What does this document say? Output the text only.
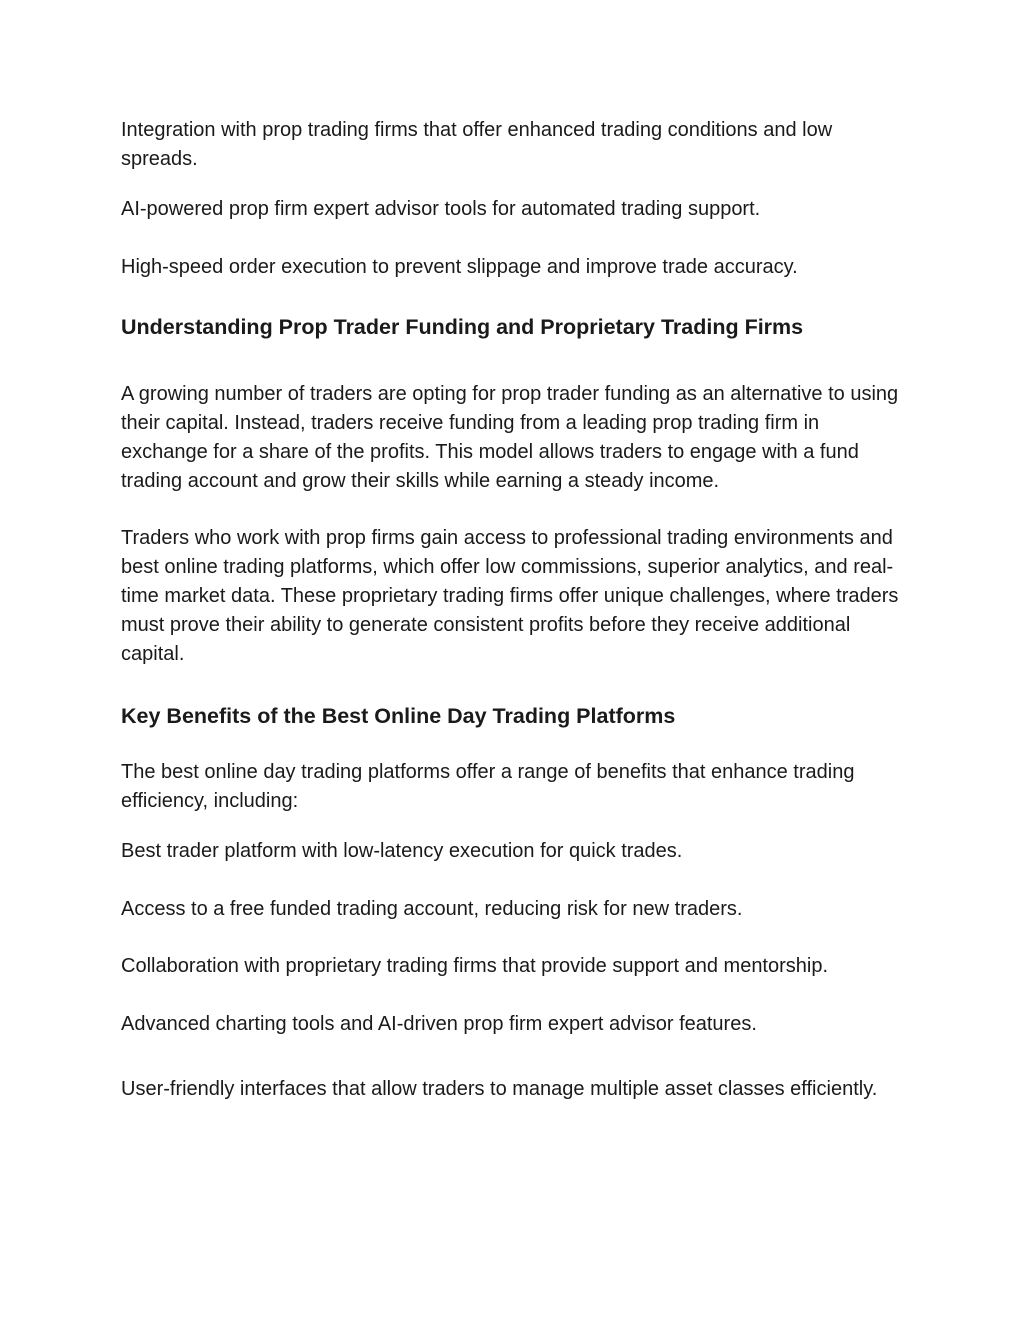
Integration with prop trading firms that offer enhanced trading conditions and low spreads.

AI-powered prop firm expert advisor tools for automated trading support.

High-speed order execution to prevent slippage and improve trade accuracy.

Understanding Prop Trader Funding and Proprietary Trading Firms

A growing number of traders are opting for prop trader funding as an alternative to using their capital. Instead, traders receive funding from a leading prop trading firm in exchange for a share of the profits. This model allows traders to engage with a fund trading account and grow their skills while earning a steady income.

Traders who work with prop firms gain access to professional trading environments and best online trading platforms, which offer low commissions, superior analytics, and real-time market data. These proprietary trading firms offer unique challenges, where traders must prove their ability to generate consistent profits before they receive additional capital.

Key Benefits of the Best Online Day Trading Platforms

The best online day trading platforms offer a range of benefits that enhance trading efficiency, including:

Best trader platform with low-latency execution for quick trades.

Access to a free funded trading account, reducing risk for new traders.

Collaboration with proprietary trading firms that provide support and mentorship.

Advanced charting tools and AI-driven prop firm expert advisor features.

User-friendly interfaces that allow traders to manage multiple asset classes efficiently.
